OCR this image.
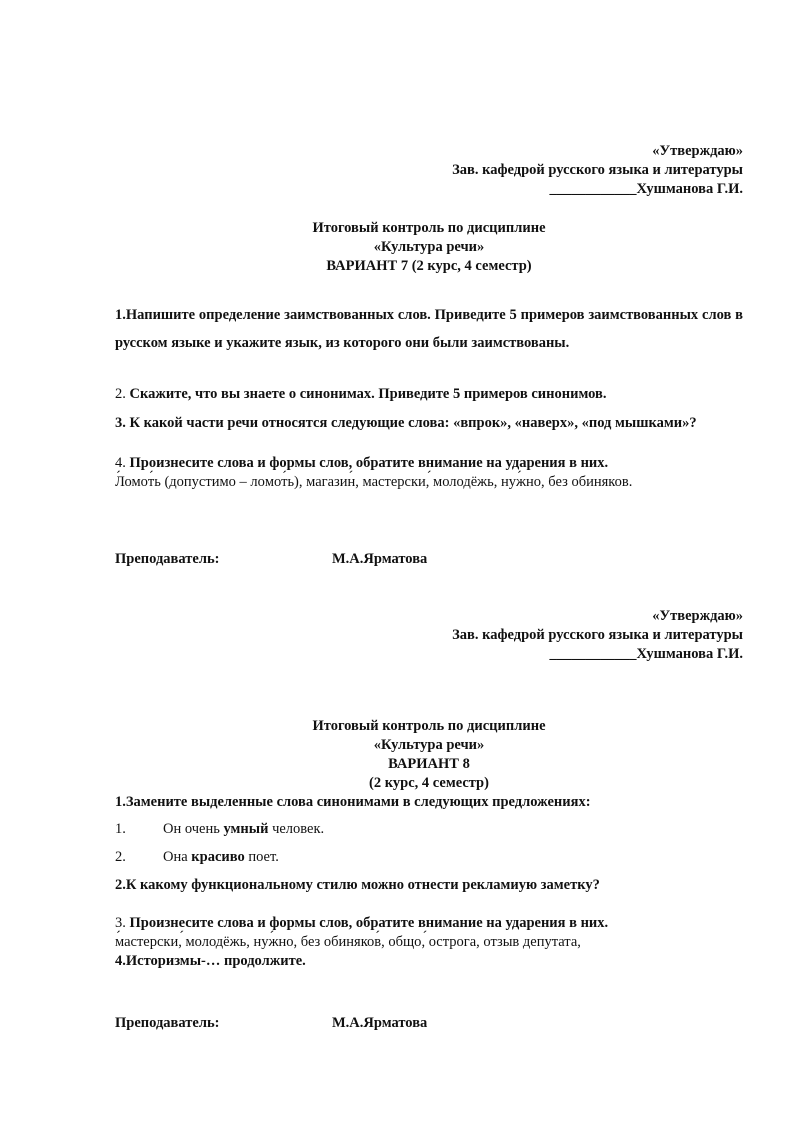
«Утверждаю»
Зав. кафедрой русского языка и литературы
____________Хушманова Г.И.
Итоговый контроль по дисциплине
«Культура речи»
ВАРИАНТ 7 (2 курс, 4 семестр)
1.Напишите определение заимствованных слов. Приведите 5 примеров заимствованных слов в русском языке и укажите язык, из которого они были заимствованы.
2. Скажите, что вы знаете о синонимах. Приведите 5 примеров синонимов.
3. К какой части речи относятся следующие слова: «впрок», «наверх», «под мышками»?
4. Произнесите слова и формы слов, обратите внимание на ударения в них.
Ломо ´ть (допустимо – ло ´моть), магази ´н, мастерски ´, молодёжь, ну ´жно, без обиняко ´в.
Преподаватель:	М.А.Ярматова
«Утверждаю»
Зав. кафедрой русского языка и литературы
____________Хушманова Г.И.
Итоговый контроль по дисциплине
«Культура речи»
ВАРИАНТ 8
(2 курс, 4 семестр)
1.Замените выделенные слова синонимами в следующих предложениях:
1.	Он очень умный человек.
2.	Она красиво поет.
2.К какому функциональному стилю можно отнести рекламиую заметку?
3. Произнесите слова и формы слов, обратите внимание на ударения в них.
мастерски ´, молодёжь, ну ´жно, без обиняко ´в, общо ´, острога ´, отзыв депутата,
4.Историзмы-… продолжите.
Преподаватель:	М.А.Ярматова
